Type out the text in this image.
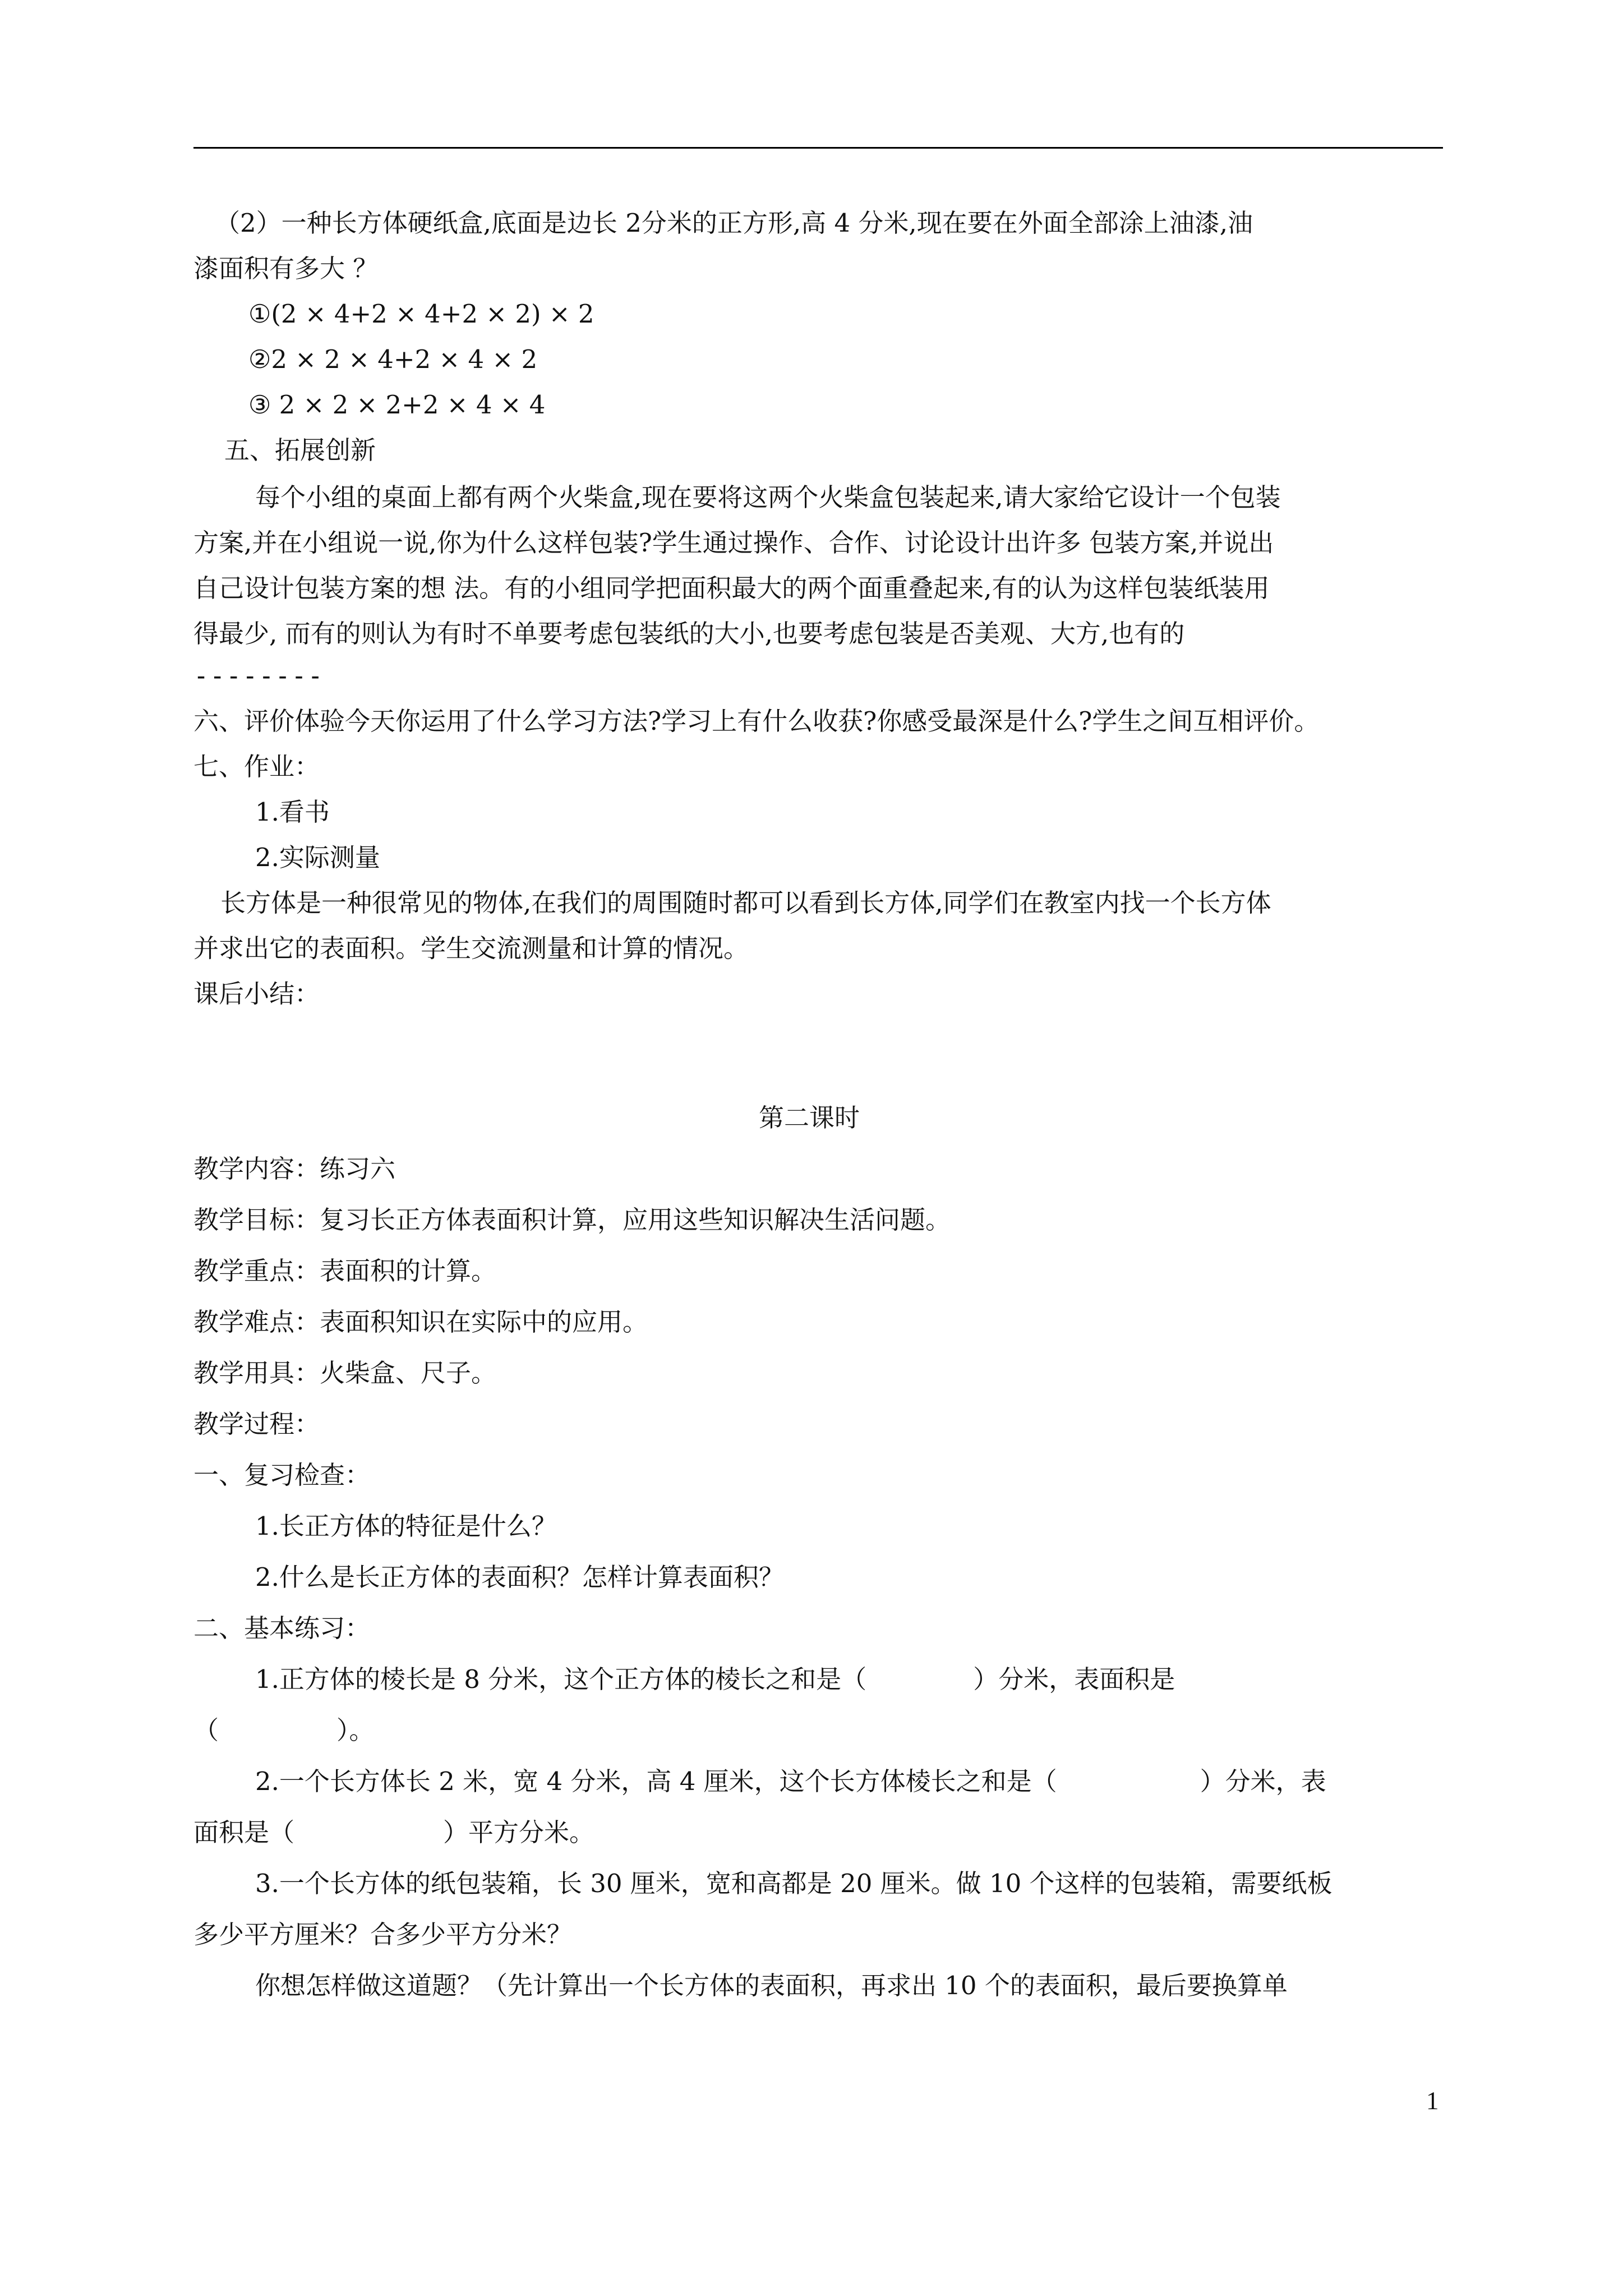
（2）一种长方体硬纸盒,底面是边长 2分米的正方形,高 4 分米,现在要在外面全部涂上油漆,油
漆面积有多大 ？
①(2 × 4+2 × 4+2 × 2) × 2
②2 × 2 × 4+2 × 4 × 2
③ 2 × 2 × 2+2 × 4 × 4
五、拓展创新
每个小组的桌面上都有两个火柴盒,现在要将这两个火柴盒包装起来,请大家给它设计一个包装
方案,并在小组说一说,你为什么这样包装?学生通过操作、合作、讨论设计出许多 包装方案,并说出
自己设计包装方案的想 法。有的小组同学把面积最大的两个面重叠起来,有的认为这样包装纸装用
得最少, 而有的则认为有时不单要考虑包装纸的大小,也要考虑包装是否美观、大方,也有的
--------
六、评价体验今天你运用了什么学习方法?学习上有什么收获?你感受最深是什么?学生之间互相评价。
七、作业：
1.看书
2.实际测量
长方体是一种很常见的物体,在我们的周围随时都可以看到长方体,同学们在教室内找一个长方体
并求出它的表面积。学生交流测量和计算的情况。
课后小结：
第二课时
教学内容：练习六
教学目标：复习长正方体表面积计算，应用这些知识解决生活问题。
教学重点：表面积的计算。
教学难点：表面积知识在实际中的应用。
教学用具：火柴盒、尺子。
教学过程：
一、复习检查：
1.长正方体的特征是什么？
2.什么是长正方体的表面积？怎样计算表面积？
二、基本练习：
1.正方体的棱长是 8 分米，这个正方体的棱长之和是（	）分米，表面积是
（	）。
2.一个长方体长 2 米，宽 4 分米，高 4 厘米，这个长方体棱长之和是（	）分米，表
面积是（	）平方分米。
3.一个长方体的纸包装箱，长 30 厘米，宽和高都是 20 厘米。做 10 个这样的包装箱，需要纸板
多少平方厘米？合多少平方分米？
你想怎样做这道题？（先计算出一个长方体的表面积，再求出 10 个的表面积，最后要换算单
1
